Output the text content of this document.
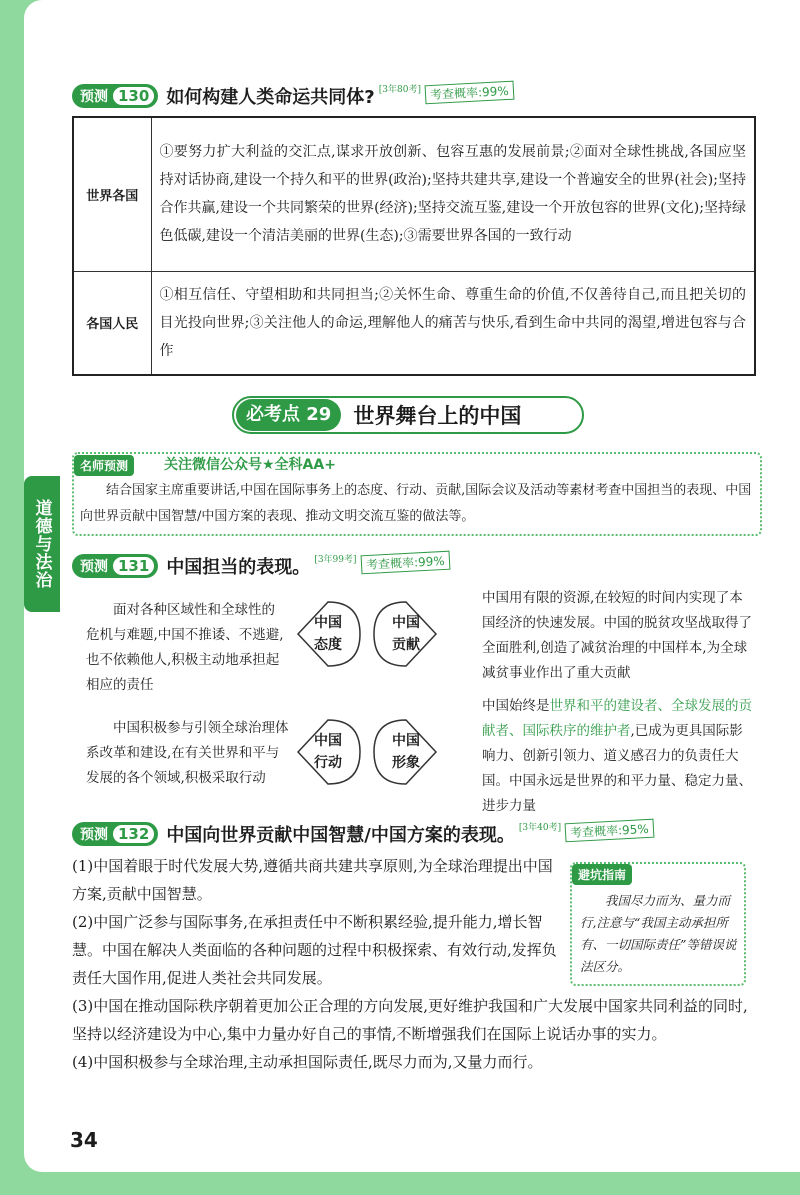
道德与法治
预测 130 如何构建人类命运共同体? [3年80考] 考查概率:99%
世界各国	①要努力扩大利益的交汇点,谋求开放创新、包容互惠的发展前景;②面对全球性挑战,各国应坚持对话协商,建设一个持久和平的世界(政治);坚持共建共享,建设一个普遍安全的世界(社会);坚持合作共赢,建设一个共同繁荣的世界(经济);坚持交流互鉴,建设一个开放包容的世界(文化);坚持绿色低碳,建设一个清洁美丽的世界(生态);③需要世界各国的一致行动
各国人民	①相互信任、守望相助和共同担当;②关怀生命、尊重生命的价值,不仅善待自己,而且把关切的目光投向世界;③关注他人的命运,理解他人的痛苦与快乐,看到生命中共同的渴望,增进包容与合作
必考点 29	世界舞台上的中国
名师预测	关注微信公众号★全科AA+
结合国家主席重要讲话,中国在国际事务上的态度、行动、贡献,国际会议及活动等素材考查中国担当的表现、中国向世界贡献中国智慧/中国方案的表现、推动文明交流互鉴的做法等。
预测 131 中国担当的表现。 [3年99考] 考查概率:99%
面对各种区域性和全球性的危机与难题,中国不推诿、不逃避,也不依赖他人,积极主动地承担起相应的责任
中国用有限的资源,在较短的时间内实现了本国经济的快速发展。中国的脱贫攻坚战取得了全面胜利,创造了减贫治理的中国样本,为全球减贫事业作出了重大贡献
中国积极参与引领全球治理体系改革和建设,在有关世界和平与发展的各个领域,积极采取行动
中国始终是世界和平的建设者、全球发展的贡献者、国际秩序的维护者,已成为更具国际影响力、创新引领力、道义感召力的负责任大国。中国永远是世界的和平力量、稳定力量、进步力量
中国态度
中国贡献
中国行动
中国形象
预测 132 中国向世界贡献中国智慧/中国方案的表现。 [3年40考] 考查概率:95%
(1)中国着眼于时代发展大势,遵循共商共建共享原则,为全球治理提出中国方案,贡献中国智慧。
(2)中国广泛参与国际事务,在承担责任中不断积累经验,提升能力,增长智慧。中国在解决人类面临的各种问题的过程中积极探索、有效行动,发挥负责任大国作用,促进人类社会共同发展。
(3)中国在推动国际秩序朝着更加公正合理的方向发展,更好维护我国和广大发展中国家共同利益的同时,坚持以经济建设为中心,集中力量办好自己的事情,不断增强我们在国际上说话办事的实力。
(4)中国积极参与全球治理,主动承担国际责任,既尽力而为,又量力而行。
避坑指南
我国尽力而为、量力而行,注意与“我国主动承担所有、一切国际责任”等错误说法区分。
34
